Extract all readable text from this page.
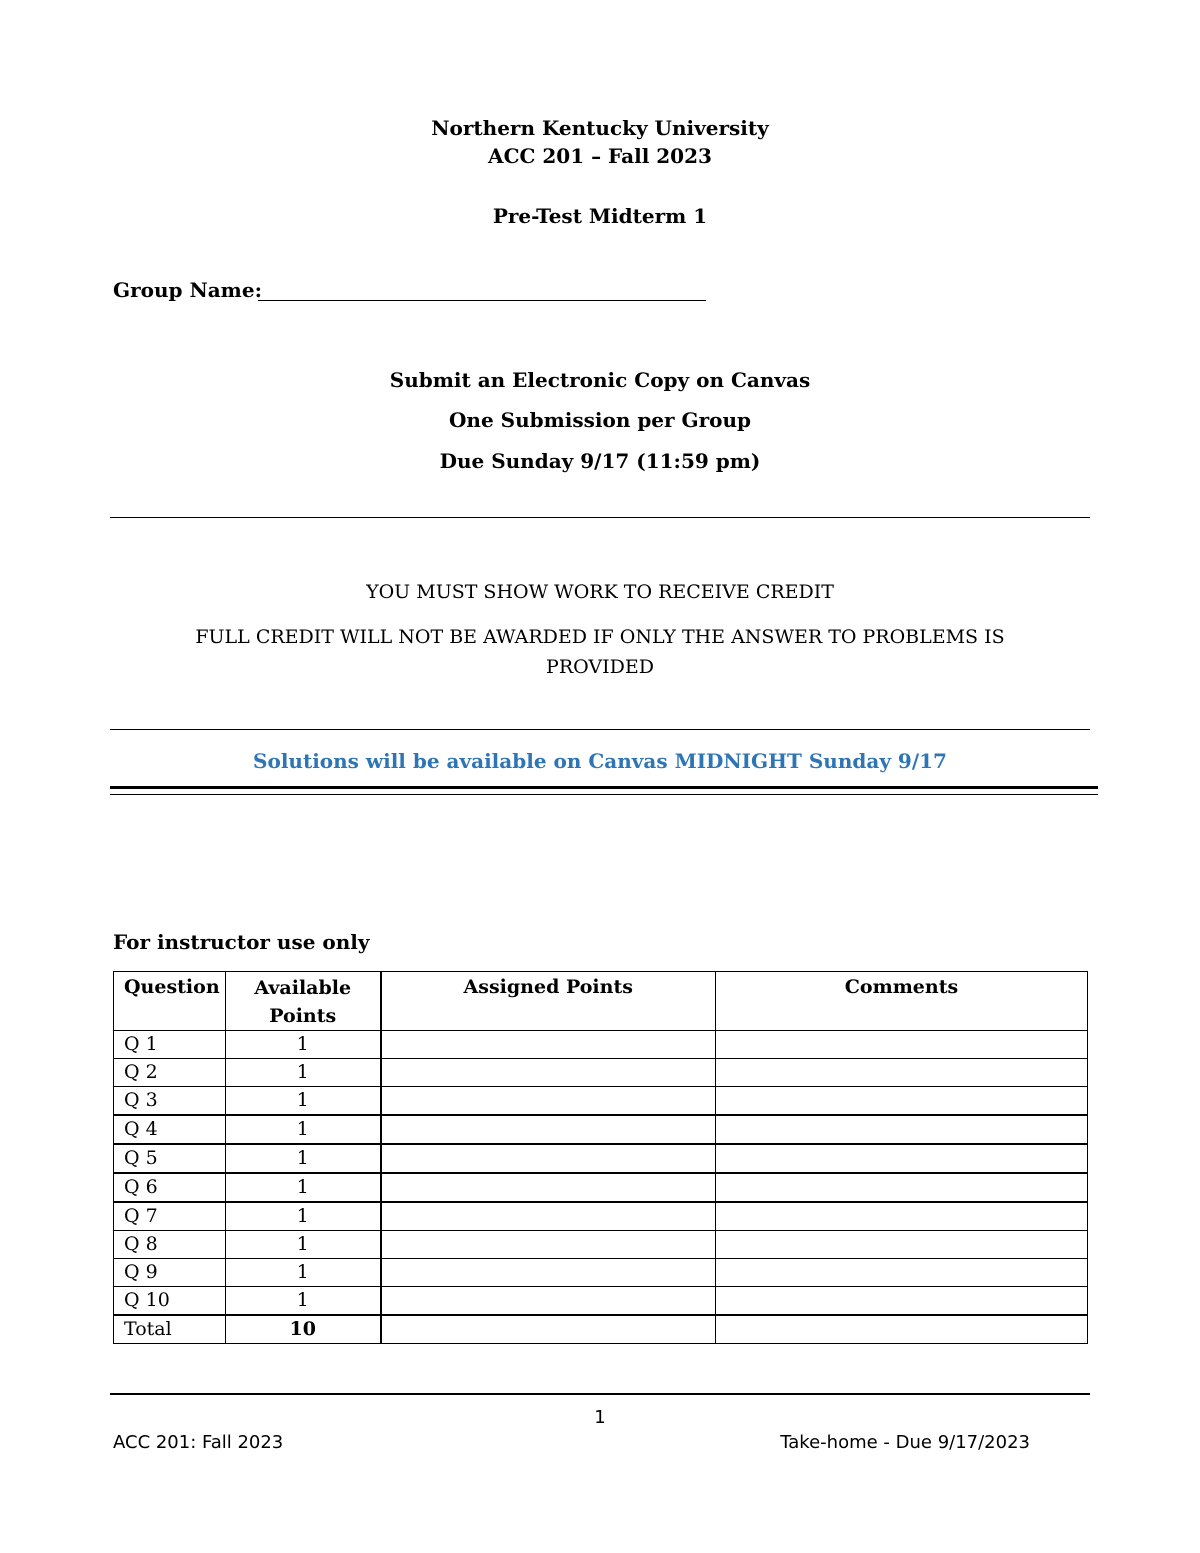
Northern Kentucky University
ACC 201 – Fall 2023
Pre-Test Midterm 1
Group Name:
Submit an Electronic Copy on Canvas
One Submission per Group
Due Sunday 9/17 (11:59 pm)
YOU MUST SHOW WORK TO RECEIVE CREDIT
FULL CREDIT WILL NOT BE AWARDED IF ONLY THE ANSWER TO PROBLEMS IS
PROVIDED
Solutions will be available on Canvas MIDNIGHT Sunday 9/17
For instructor use only
Question	Available Points	Assigned Points	Comments
Q 1	1		
Q 2	1		
Q 3	1		
Q 4	1		
Q 5	1		
Q 6	1		
Q 7	1		
Q 8	1		
Q 9	1		
Q 10	1		
Total	10		
1
ACC 201: Fall 2023	Take-home - Due 9/17/2023
